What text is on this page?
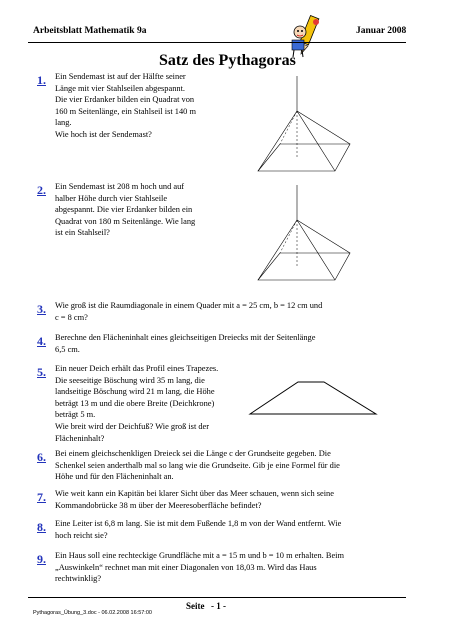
Arbeitsblatt Mathematik 9a	Januar 2008
Satz des Pythagoras
1. Ein Sendemast ist auf der Hälfte seiner
Länge mit vier Stahlseilen abgespannt.
Die vier Erdanker bilden ein Quadrat von
160 m Seitenlänge, ein Stahlseil ist 140 m
lang.
Wie hoch ist der Sendemast?
2. Ein Sendemast ist 208 m hoch und auf
halber Höhe durch vier Stahlseile
abgespannt. Die vier Erdanker bilden ein
Quadrat von 180 m Seitenlänge. Wie lang
ist ein Stahlseil?
3. Wie groß ist die Raumdiagonale in einem Quader mit a = 25 cm, b = 12 cm und
c = 8 cm?
4. Berechne den Flächeninhalt eines gleichseitigen Dreiecks mit der Seitenlänge
6,5 cm.
5. Ein neuer Deich erhält das Profil eines Trapezes.
Die seeseitige Böschung wird 35 m lang, die
landseitige Böschung wird 21 m lang, die Höhe
beträgt 13 m und die obere Breite (Deichkrone)
beträgt 5 m.
Wie breit wird der Deichfuß? Wie groß ist der
Flächeninhalt?
6. Bei einem gleichschenkligen Dreieck sei die Länge c der Grundseite gegeben. Die
Schenkel seien anderthalb mal so lang wie die Grundseite. Gib je eine Formel für die
Höhe und für den Flächeninhalt an.
7. Wie weit kann ein Kapitän bei klarer Sicht über das Meer schauen, wenn sich seine
Kommandobrücke 38 m über der Meeresoberfläche befindet?
8. Eine Leiter ist 6,8 m lang. Sie ist mit dem Fußende 1,8 m von der Wand entfernt. Wie
hoch reicht sie?
9. Ein Haus soll eine rechteckige Grundfläche mit a = 15 m und b = 10 m erhalten. Beim
„Auswinkeln“ rechnet man mit einer Diagonalen von 18,03 m. Wird das Haus
rechtwinklig?
Seite - 1 -
Pythagoras_Übung_3.doc - 06.02.2008 16:57:00
